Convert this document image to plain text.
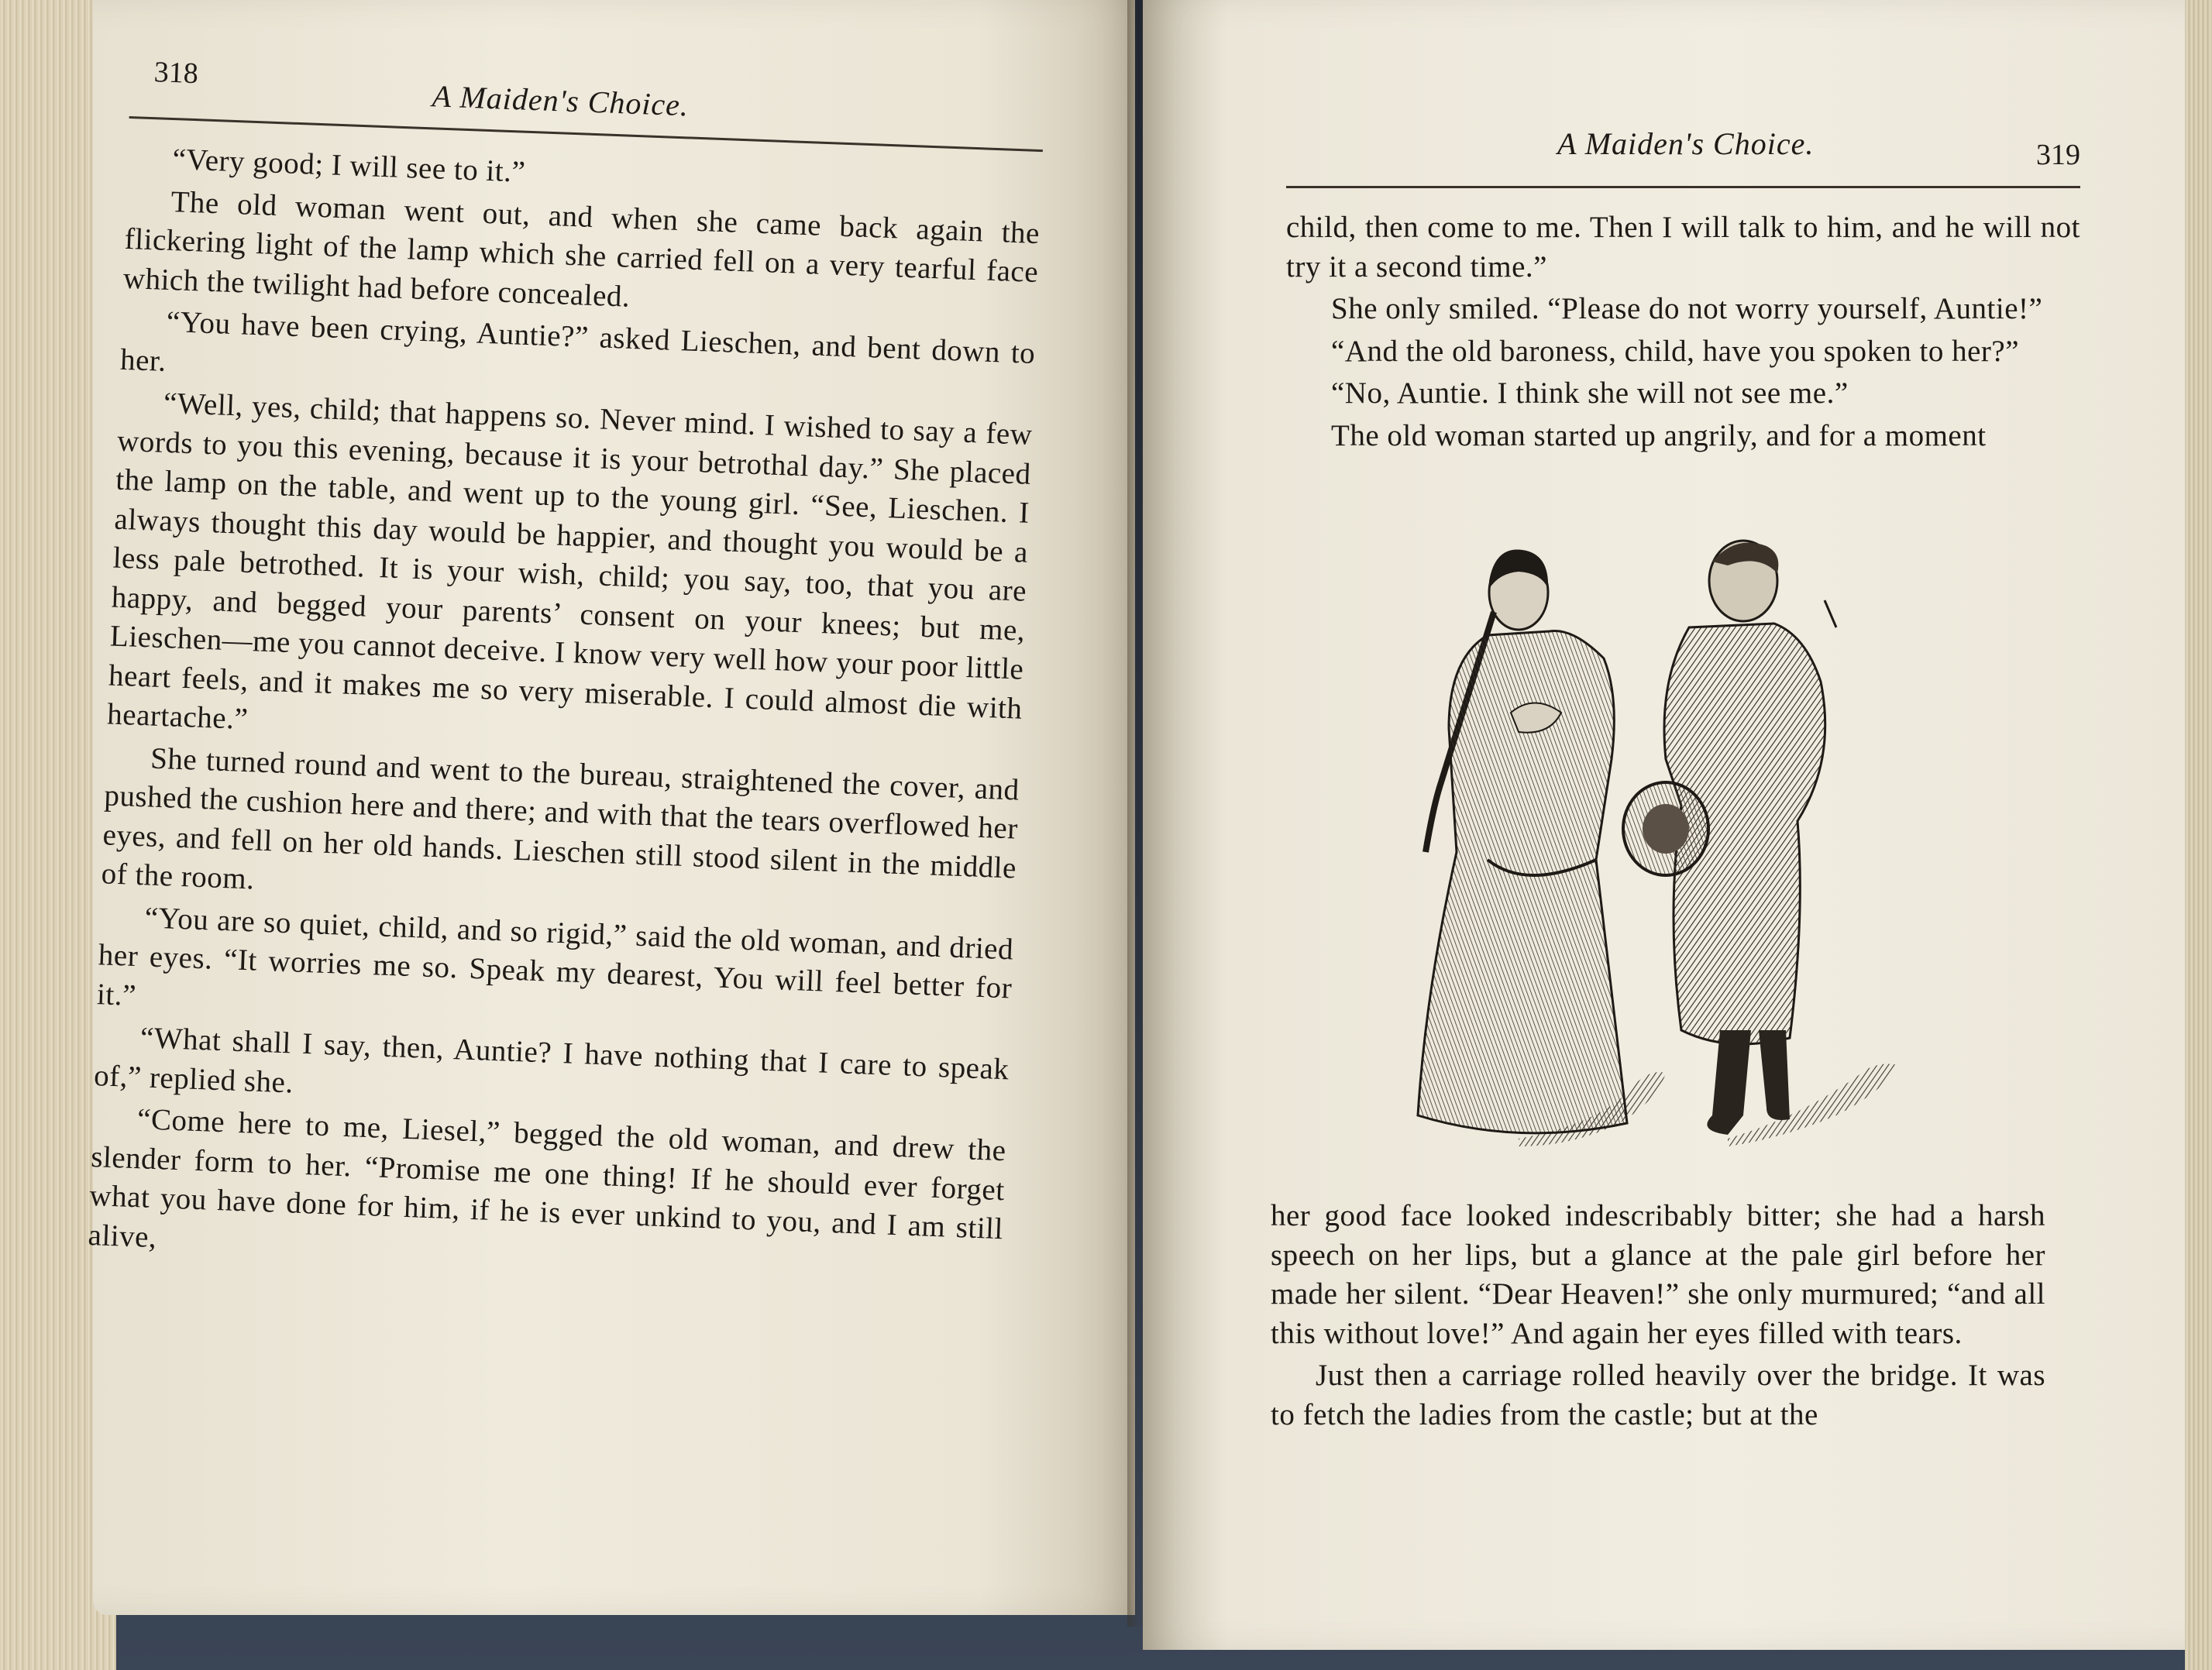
318
A Maiden's Choice.

“Very good; I will see to it.”

The old woman went out, and when she came back again the flickering light of the lamp which she carried fell on a very tearful face which the twilight had before concealed.

“You have been crying, Auntie?” asked Lieschen, and bent down to her.

“Well, yes, child; that happens so. Never mind. I wished to say a few words to you this evening, because it is your betrothal day.” She placed the lamp on the table, and went up to the young girl. “See, Lieschen. I always thought this day would be happier, and thought you would be a less pale betrothed. It is your wish, child; you say, too, that you are happy, and begged your parents’ consent on your knees; but me, Lieschen—me you cannot deceive. I know very well how your poor little heart feels, and it makes me so very miserable. I could almost die with heartache.”

She turned round and went to the bureau, straightened the cover, and pushed the cushion here and there; and with that the tears overflowed her eyes, and fell on her old hands. Lieschen still stood silent in the middle of the room.

“You are so quiet, child, and so rigid,” said the old woman, and dried her eyes. “It worries me so. Speak my dearest, You will feel better for it.”

“What shall I say, then, Auntie? I have nothing that I care to speak of,” replied she.

“Come here to me, Liesel,” begged the old woman, and drew the slender form to her. “Promise me one thing! If he should ever forget what you have done for him, if he is ever unkind to you, and I am still alive,

A Maiden's Choice.	319

child, then come to me. Then I will talk to him, and he will not try it a second time.”

She only smiled. “Please do not worry yourself, Auntie!”

“And the old baroness, child, have you spoken to her?”

“No, Auntie. I think she will not see me.”

The old woman started up angrily, and for a moment

her good face looked indescribably bitter; she had a harsh speech on her lips, but a glance at the pale girl before her made her silent. “Dear Heaven!” she only murmured; “and all this without love!” And again her eyes filled with tears.

Just then a carriage rolled heavily over the bridge. It was to fetch the ladies from the castle; but at the
